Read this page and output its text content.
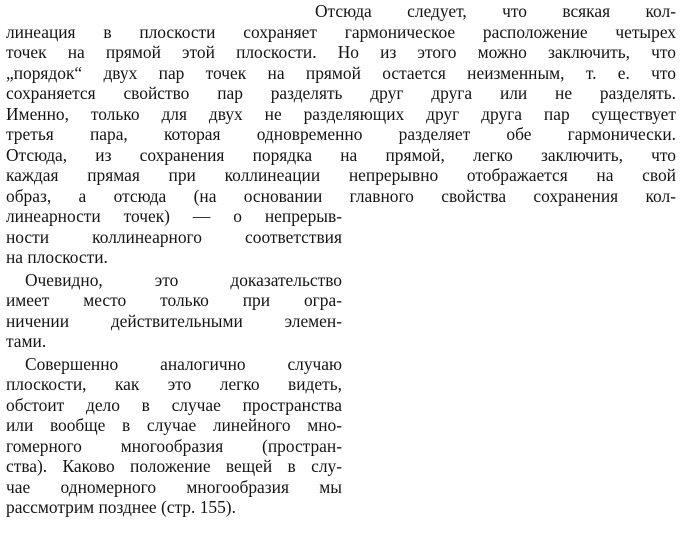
Отсюда следует, что всякая кол-

линеация в плоскости сохраняет гармоническое расположение четырех

точек на прямой этой плоскости. Но из этого можно заключить, что

„порядок“ двух пар точек на прямой остается неизменным, т. е. что

сохраняется свойство пар разделять друг друга или не разделять.

Именно, только для двух не разделяющих друг друга пар существует

третья пара, которая одновременно разделяет обе гармонически.

Отсюда, из сохранения порядка на прямой, легко заключить, что

каждая прямая при коллинеации непрерывно отображается на свой

образ, а отсюда (на основании главного свойства сохранения кол-

линеарности точек) — о непрерыв-

ности коллинеарного соответствия

на плоскости.

Очевидно, это доказательство

имеет место только при огра-

ничении действительными элемен-

тами.

Совершенно аналогично случаю

плоскости, как это легко видеть,

обстоит дело в случае пространства

или вообще в случае линейного мно-

гомерного многообразия (простран-

ства). Каково положение вещей в слу-

чае одномерного многообразия мы

рассмотрим позднее (стр. 155).
